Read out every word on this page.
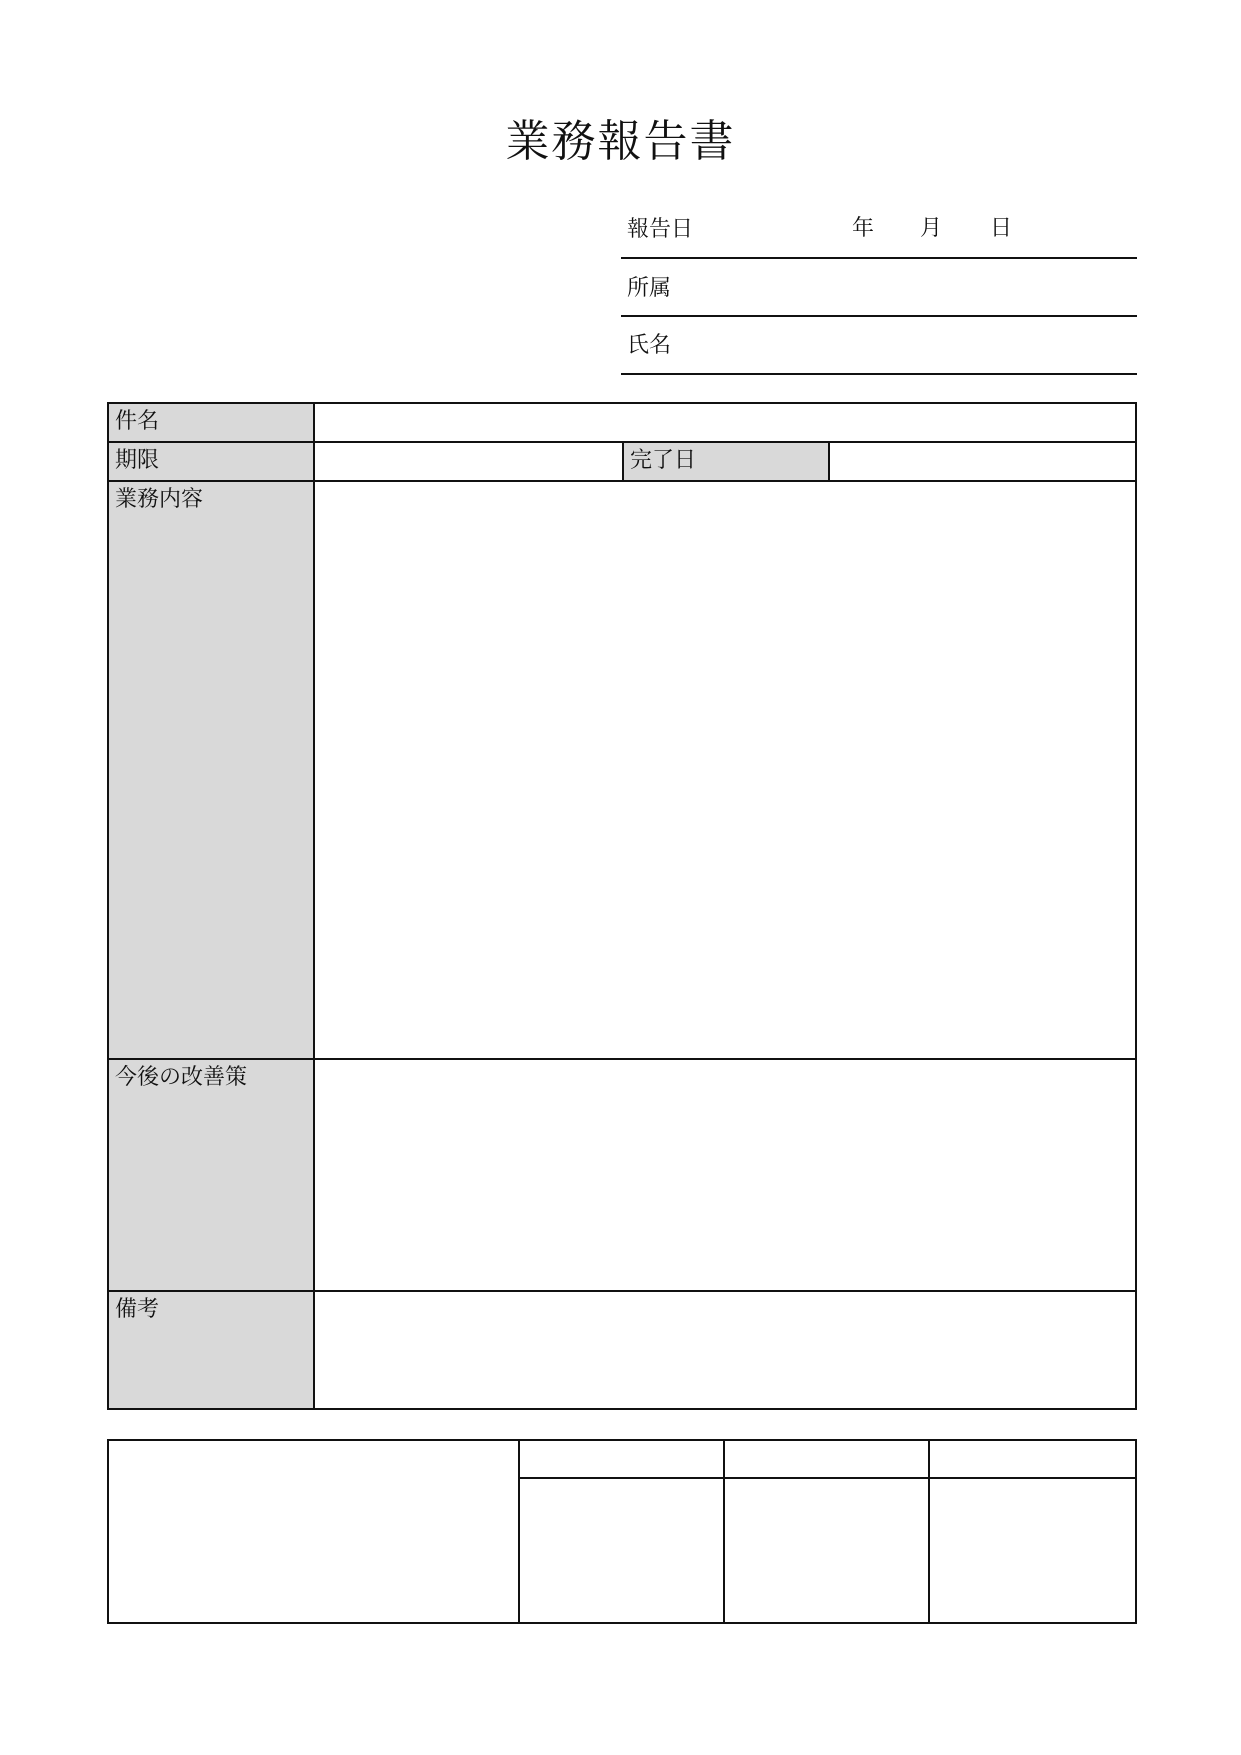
業務報告書
報告日	年 月 日
所属
氏名
件名
期限	完了日
業務内容
今後の改善策
備考
